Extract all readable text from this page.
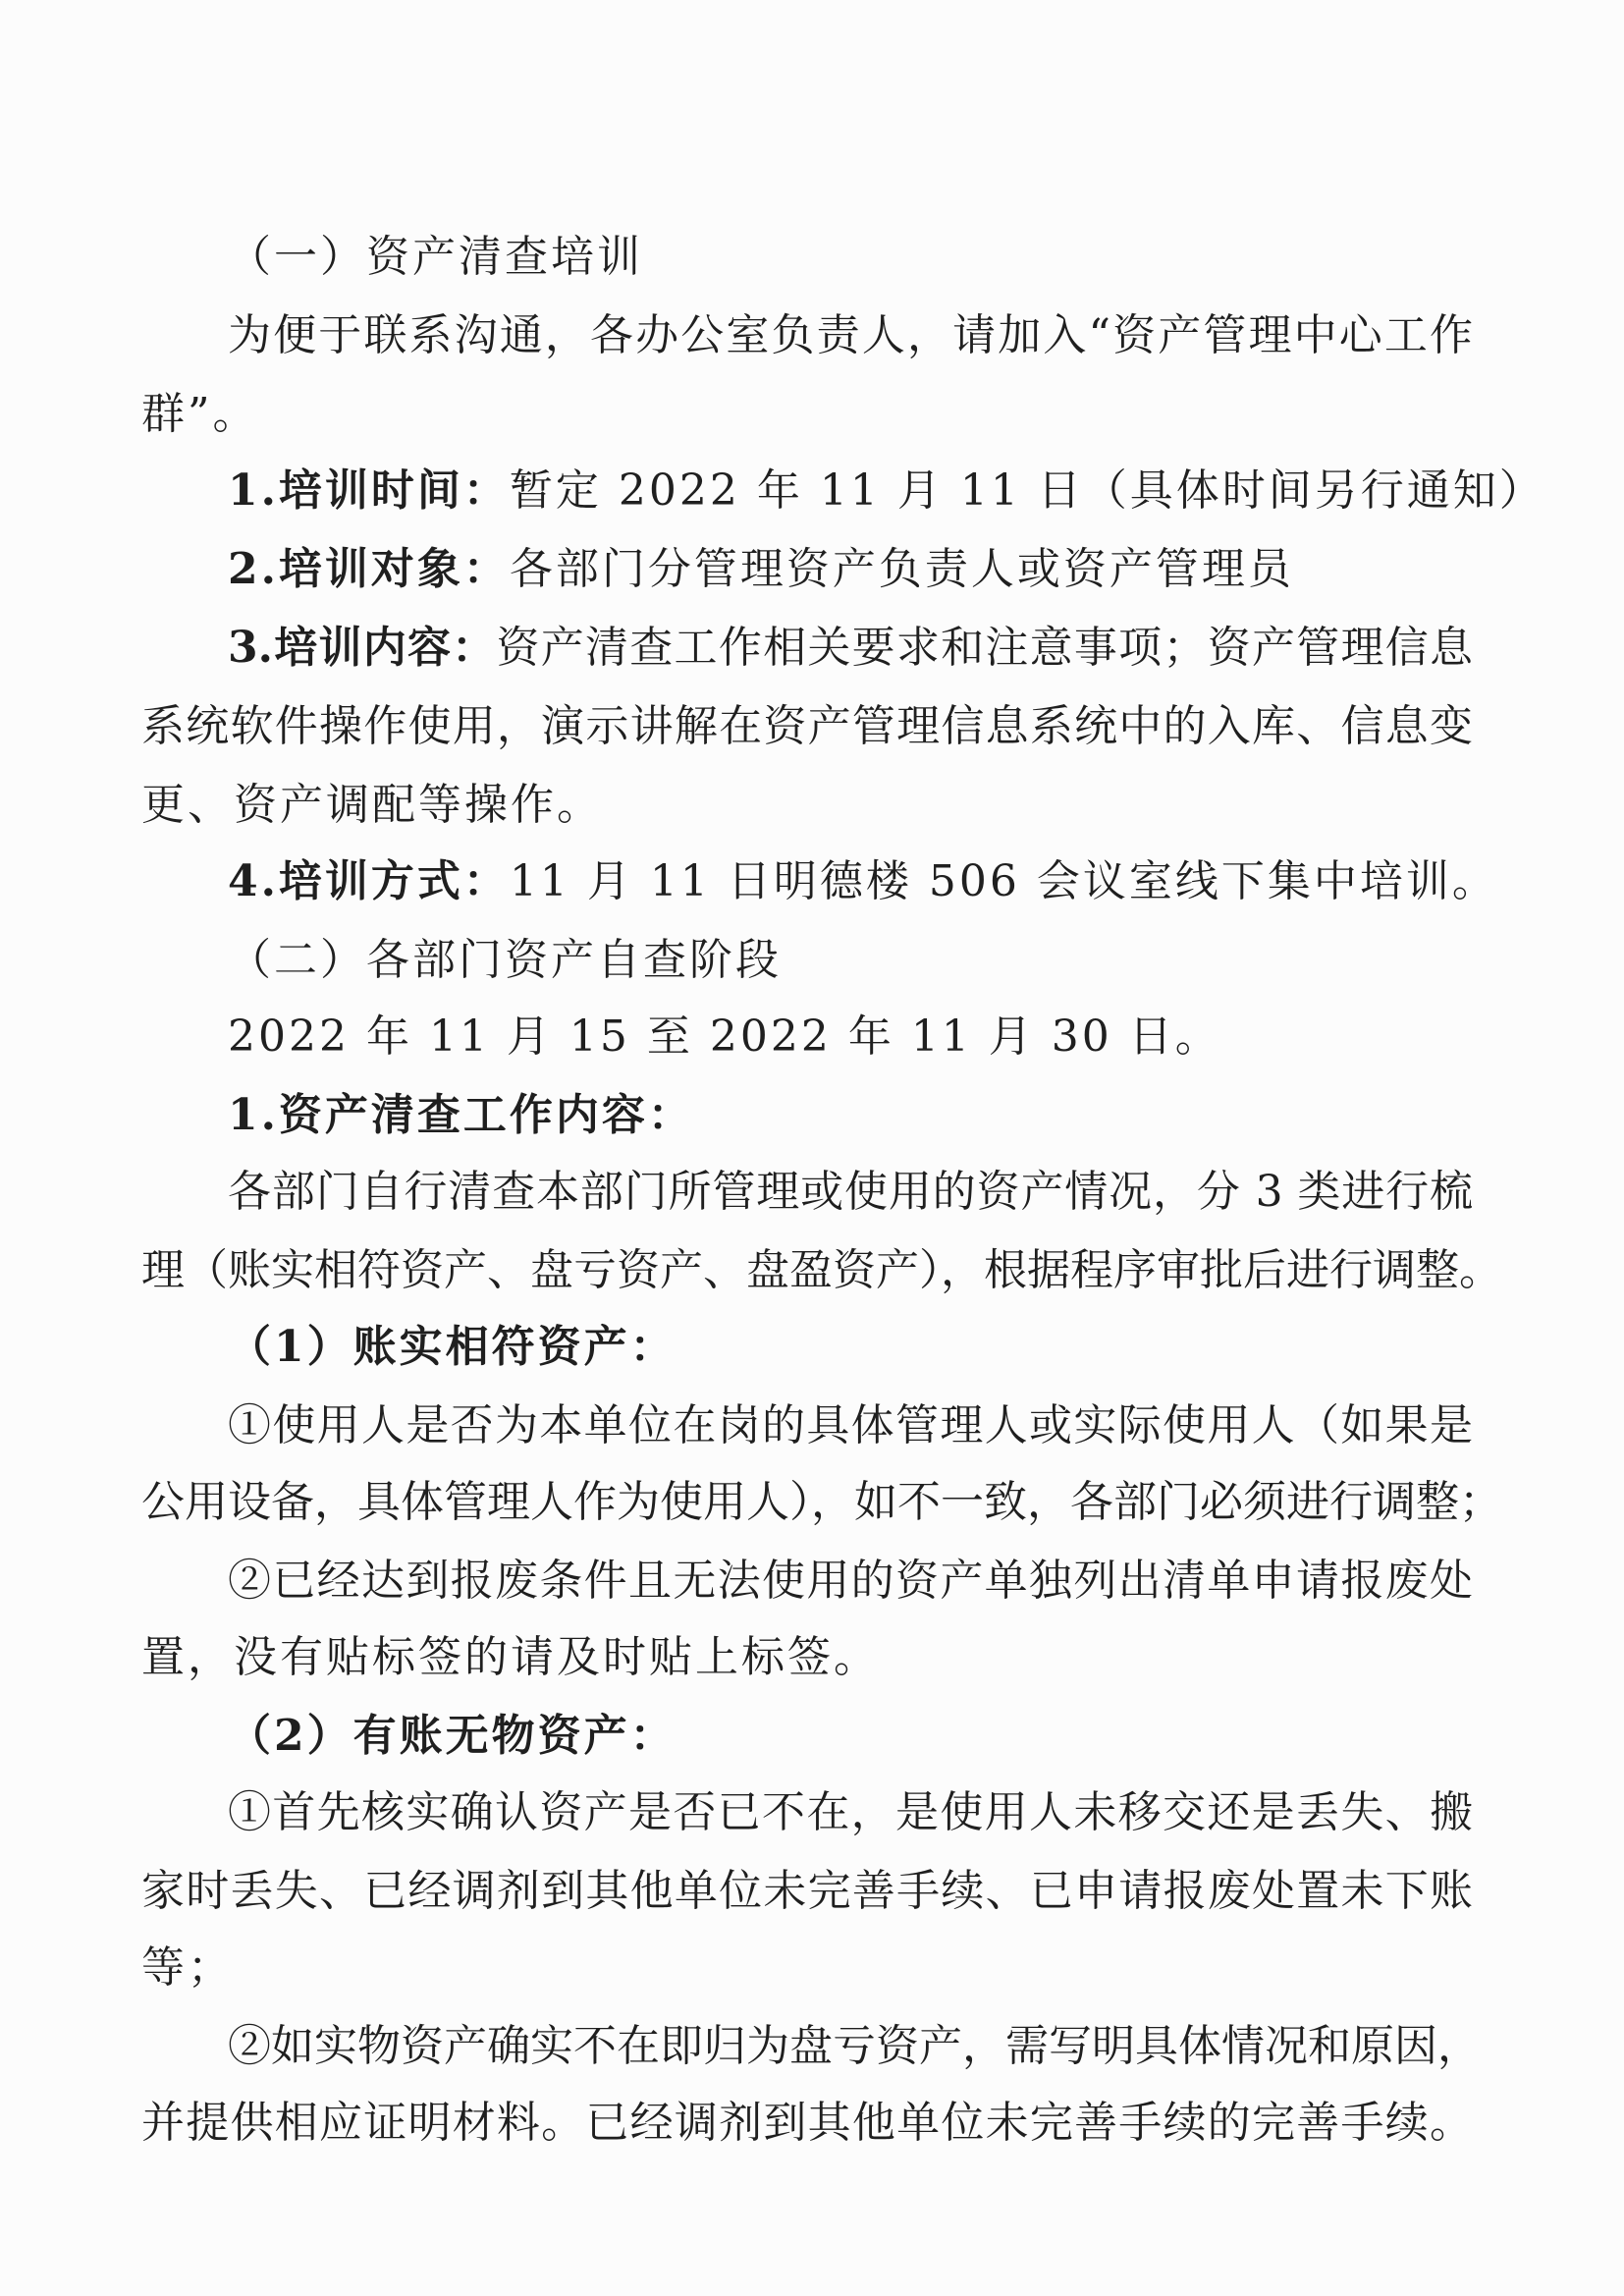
（一）资产清查培训
为便于联系沟通，各办公室负责人，请加入“资产管理中心工作
群”。
1.培训时间：暂定 2022 年 11 月 11 日（具体时间另行通知）
2.培训对象：各部门分管理资产负责人或资产管理员
3.培训内容：资产清查工作相关要求和注意事项；资产管理信息
系统软件操作使用，演示讲解在资产管理信息系统中的入库、信息变
更、资产调配等操作。
4.培训方式：11 月 11 日明德楼 506 会议室线下集中培训。
（二）各部门资产自查阶段
2022 年 11 月 15 至 2022 年 11 月 30 日。
1.资产清查工作内容：
各部门自行清查本部门所管理或使用的资产情况，分 3 类进行梳
理（账实相符资产、盘亏资产、盘盈资产），根据程序审批后进行调整。
（1）账实相符资产：
①使用人是否为本单位在岗的具体管理人或实际使用人（如果是
公用设备，具体管理人作为使用人），如不一致，各部门必须进行调整；
②已经达到报废条件且无法使用的资产单独列出清单申请报废处
置，没有贴标签的请及时贴上标签。
（2）有账无物资产：
①首先核实确认资产是否已不在，是使用人未移交还是丢失、搬
家时丢失、已经调剂到其他单位未完善手续、已申请报废处置未下账
等；
②如实物资产确实不在即归为盘亏资产，需写明具体情况和原因，
并提供相应证明材料。已经调剂到其他单位未完善手续的完善手续。
